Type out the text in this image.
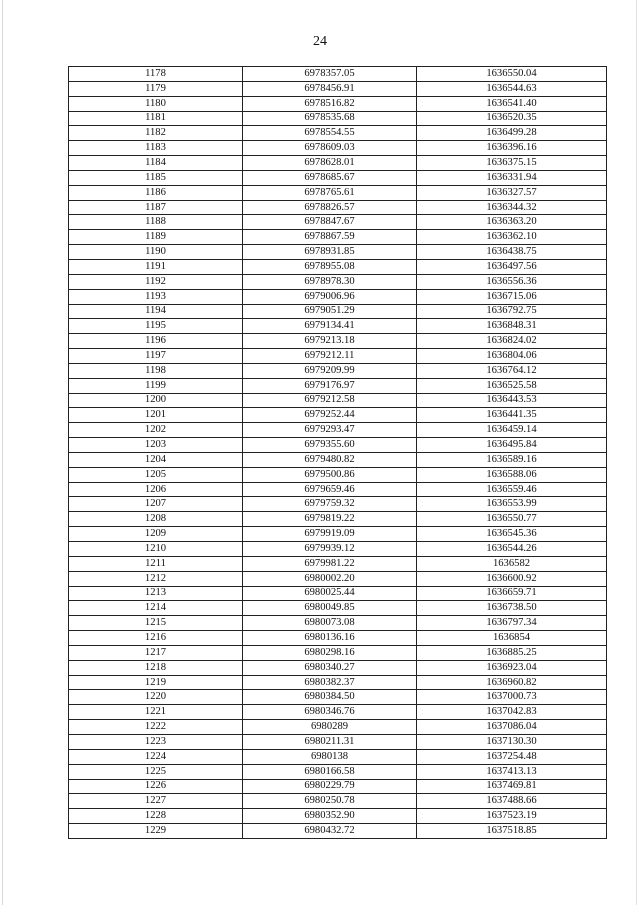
24
1178	6978357.05	1636550.04
1179	6978456.91	1636544.63
1180	6978516.82	1636541.40
1181	6978535.68	1636520.35
1182	6978554.55	1636499.28
1183	6978609.03	1636396.16
1184	6978628.01	1636375.15
1185	6978685.67	1636331.94
1186	6978765.61	1636327.57
1187	6978826.57	1636344.32
1188	6978847.67	1636363.20
1189	6978867.59	1636362.10
1190	6978931.85	1636438.75
1191	6978955.08	1636497.56
1192	6978978.30	1636556.36
1193	6979006.96	1636715.06
1194	6979051.29	1636792.75
1195	6979134.41	1636848.31
1196	6979213.18	1636824.02
1197	6979212.11	1636804.06
1198	6979209.99	1636764.12
1199	6979176.97	1636525.58
1200	6979212.58	1636443.53
1201	6979252.44	1636441.35
1202	6979293.47	1636459.14
1203	6979355.60	1636495.84
1204	6979480.82	1636589.16
1205	6979500.86	1636588.06
1206	6979659.46	1636559.46
1207	6979759.32	1636553.99
1208	6979819.22	1636550.77
1209	6979919.09	1636545.36
1210	6979939.12	1636544.26
1211	6979981.22	1636582
1212	6980002.20	1636600.92
1213	6980025.44	1636659.71
1214	6980049.85	1636738.50
1215	6980073.08	1636797.34
1216	6980136.16	1636854
1217	6980298.16	1636885.25
1218	6980340.27	1636923.04
1219	6980382.37	1636960.82
1220	6980384.50	1637000.73
1221	6980346.76	1637042.83
1222	6980289	1637086.04
1223	6980211.31	1637130.30
1224	6980138	1637254.48
1225	6980166.58	1637413.13
1226	6980229.79	1637469.81
1227	6980250.78	1637488.66
1228	6980352.90	1637523.19
1229	6980432.72	1637518.85
